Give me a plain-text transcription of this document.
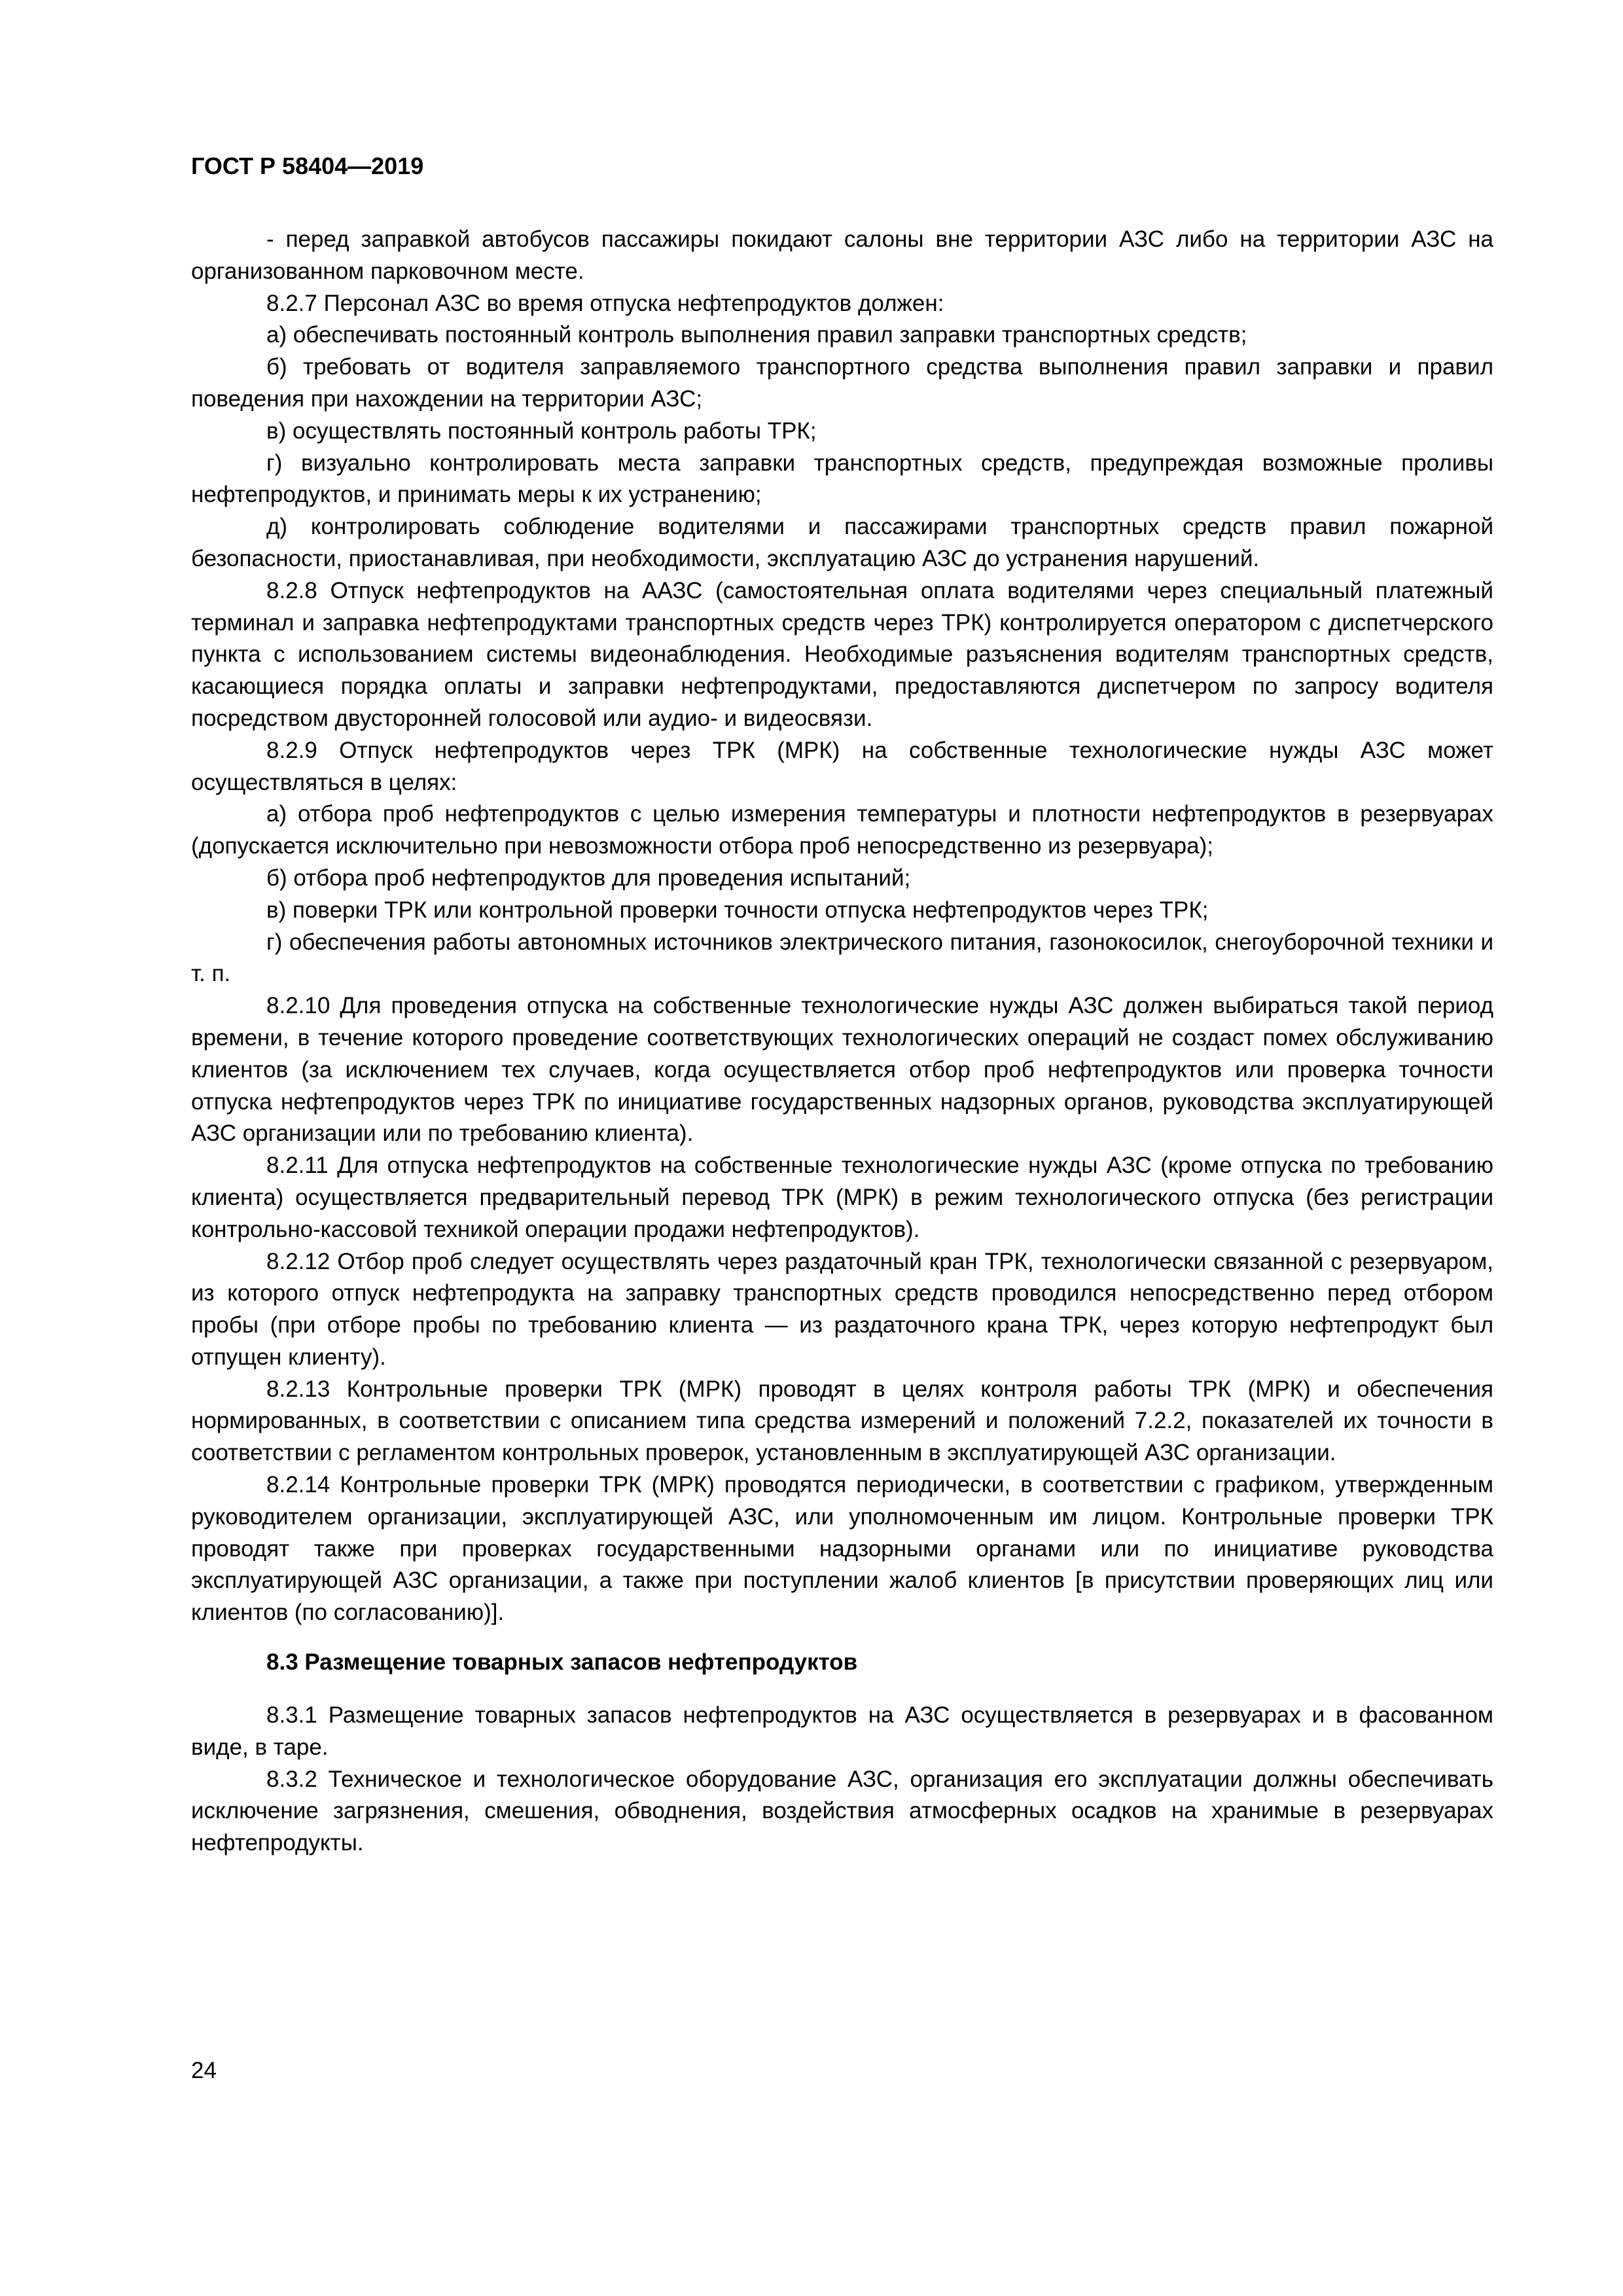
ГОСТ Р 58404—2019

- перед заправкой автобусов пассажиры покидают салоны вне территории АЗС либо на территории АЗС на организованном парковочном месте.

8.2.7 Персонал АЗС во время отпуска нефтепродуктов должен:

а) обеспечивать постоянный контроль выполнения правил заправки транспортных средств;

б) требовать от водителя заправляемого транспортного средства выполнения правил заправки и правил поведения при нахождении на территории АЗС;

в) осуществлять постоянный контроль работы ТРК;

г) визуально контролировать места заправки транспортных средств, предупреждая возможные проливы нефтепродуктов, и принимать меры к их устранению;

д) контролировать соблюдение водителями и пассажирами транспортных средств правил пожарной безопасности, приостанавливая, при необходимости, эксплуатацию АЗС до устранения нарушений.

8.2.8 Отпуск нефтепродуктов на ААЗС (самостоятельная оплата водителями через специальный платежный терминал и заправка нефтепродуктами транспортных средств через ТРК) контролируется оператором с диспетчерского пункта с использованием системы видеонаблюдения. Необходимые разъяснения водителям транспортных средств, касающиеся порядка оплаты и заправки нефтепродуктами, предоставляются диспетчером по запросу водителя посредством двусторонней голосовой или аудио- и видеосвязи.

8.2.9 Отпуск нефтепродуктов через ТРК (МРК) на собственные технологические нужды АЗС может осуществляться в целях:

а) отбора проб нефтепродуктов с целью измерения температуры и плотности нефтепродуктов в резервуарах (допускается исключительно при невозможности отбора проб непосредственно из резервуара);

б) отбора проб нефтепродуктов для проведения испытаний;

в) поверки ТРК или контрольной проверки точности отпуска нефтепродуктов через ТРК;

г) обеспечения работы автономных источников электрического питания, газонокосилок, снегоуборочной техники и т. п.

8.2.10 Для проведения отпуска на собственные технологические нужды АЗС должен выбираться такой период времени, в течение которого проведение соответствующих технологических операций не создаст помех обслуживанию клиентов (за исключением тех случаев, когда осуществляется отбор проб нефтепродуктов или проверка точности отпуска нефтепродуктов через ТРК по инициативе государственных надзорных органов, руководства эксплуатирующей АЗС организации или по требованию клиента).

8.2.11 Для отпуска нефтепродуктов на собственные технологические нужды АЗС (кроме отпуска по требованию клиента) осуществляется предварительный перевод ТРК (МРК) в режим технологического отпуска (без регистрации контрольно-кассовой техникой операции продажи нефтепродуктов).

8.2.12 Отбор проб следует осуществлять через раздаточный кран ТРК, технологически связанной с резервуаром, из которого отпуск нефтепродукта на заправку транспортных средств проводился непосредственно перед отбором пробы (при отборе пробы по требованию клиента — из раздаточного крана ТРК, через которую нефтепродукт был отпущен клиенту).

8.2.13 Контрольные проверки ТРК (МРК) проводят в целях контроля работы ТРК (МРК) и обеспечения нормированных, в соответствии с описанием типа средства измерений и положений 7.2.2, показателей их точности в соответствии с регламентом контрольных проверок, установленным в эксплуатирующей АЗС организации.

8.2.14 Контрольные проверки ТРК (МРК) проводятся периодически, в соответствии с графиком, утвержденным руководителем организации, эксплуатирующей АЗС, или уполномоченным им лицом. Контрольные проверки ТРК проводят также при проверках государственными надзорными органами или по инициативе руководства эксплуатирующей АЗС организации, а также при поступлении жалоб клиентов [в присутствии проверяющих лиц или клиентов (по согласованию)].

8.3 Размещение товарных запасов нефтепродуктов

8.3.1 Размещение товарных запасов нефтепродуктов на АЗС осуществляется в резервуарах и в фасованном виде, в таре.

8.3.2 Техническое и технологическое оборудование АЗС, организация его эксплуатации должны обеспечивать исключение загрязнения, смешения, обводнения, воздействия атмосферных осадков на хранимые в резервуарах нефтепродукты.

24
